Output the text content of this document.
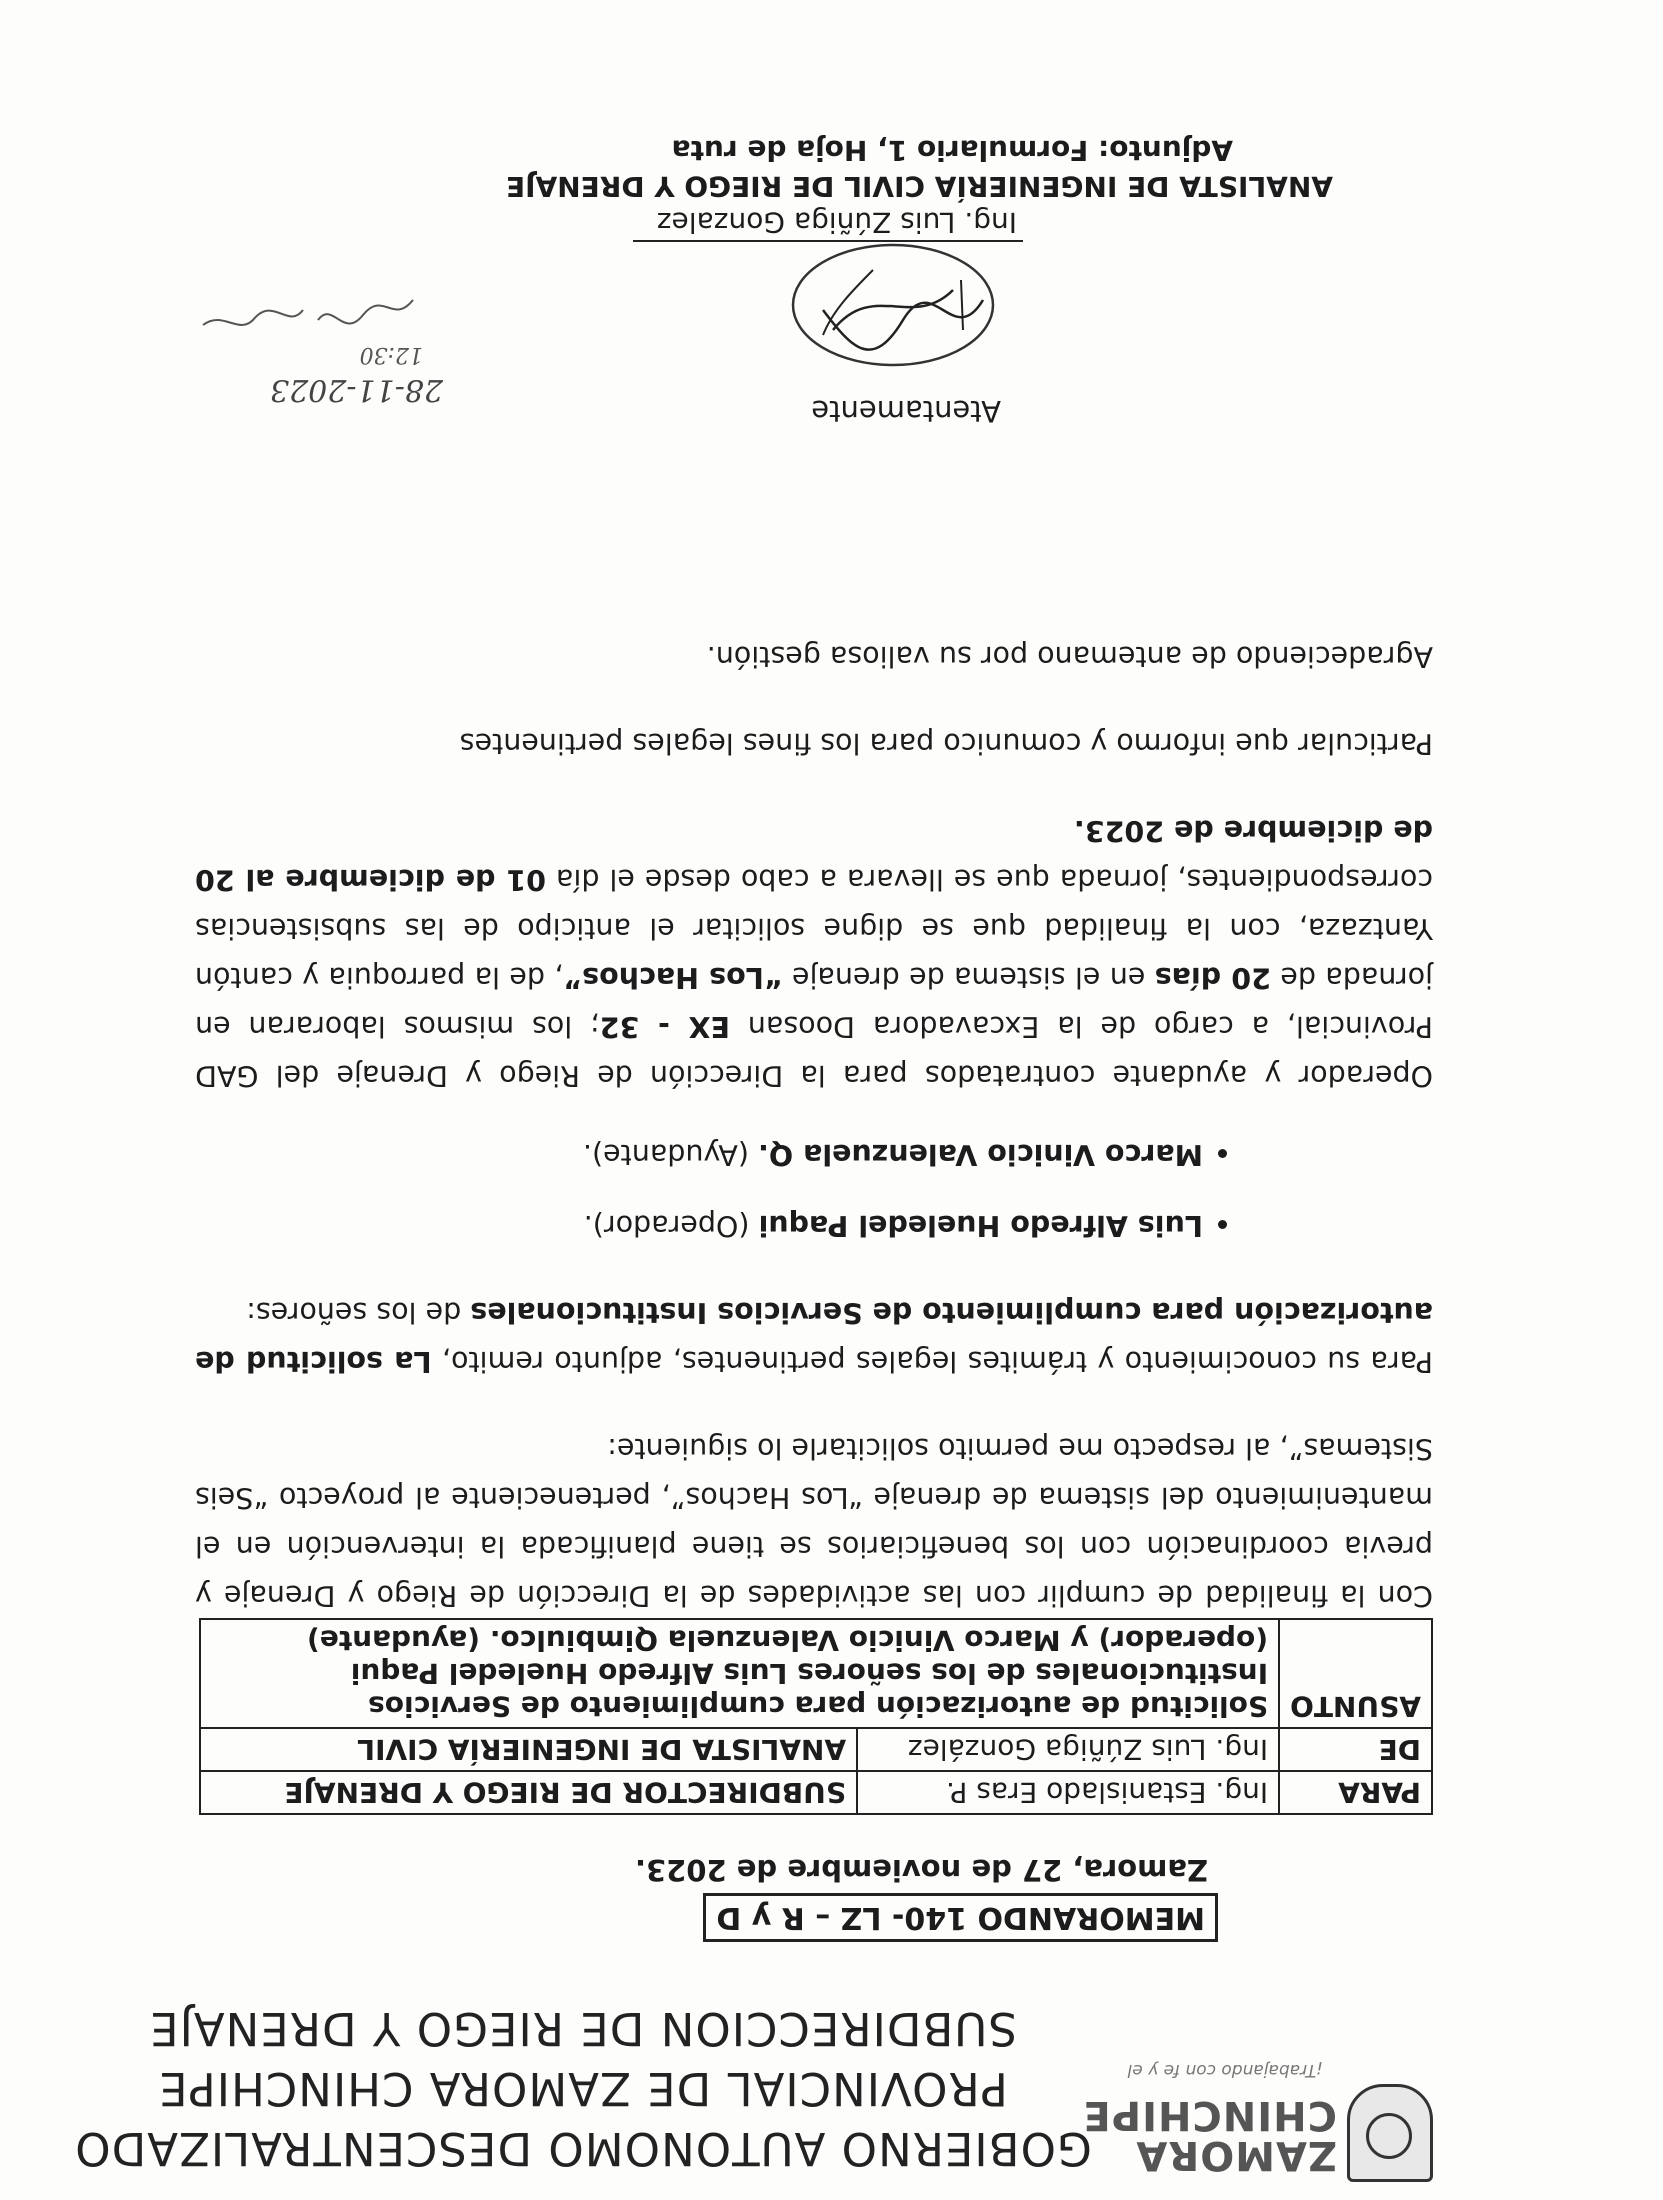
ZAMORA
CHINCHIPE
¡Trabajando con fe y el
GOBIERNO AUTONOMO DESCENTRALIZADO
PROVINCIAL DE ZAMORA CHINCHIPE
SUBDIRECCION DE RIEGO Y DRENAJE
MEMORANDO 140- LZ – R y D
Zamora, 27 de noviembre de 2023.
PARA	Ing. Estanislado Eras P.	SUBDIRECTOR DE RIEGO Y DRENAJE
DE	Ing. Luis Zúñiga González	ANALISTA DE INGENIERÍA CIVIL
ASUNTO	Solicitud de autorización para cumplimiento de Servicios Institucionales de los señores Luis Alfredo Hueledel Paqui (operador) y Marco Vinicio Valenzuela Qimbiulco. (ayudante)	

Con la finalidad de cumplir con las actividades de la Dirección de Riego y Drenaje y previa coordinación con los beneficiarios se tiene planificada la intervención en el mantenimiento del sistema de drenaje “Los Hachos”, perteneciente al proyecto “Seis Sistemas”, al respecto me permito solicitarle lo siguiente:

Para su conocimiento y trámites legales pertinentes, adjunto remito, La solicitud de autorización para cumplimiento de Servicios Institucionales de los señores:

• Luis Alfredo Hueledel Paqui (Operador).
• Marco Vinicio Valenzuela Q. (Ayudante).

Operador y ayudante contratados para la Dirección de Riego y Drenaje del GAD Provincial, a cargo de la Excavadora Doosan EX - 32; los mismos laboraran en jornada de 20 días en el sistema de drenaje “Los Hachos”, de la parroquia y cantón Yantzaza, con la finalidad que se digne solicitar el anticipo de las subsistencias correspondientes, jornada que se llevara a cabo desde el día 01 de diciembre al 20 de diciembre de 2023.

Particular que informo y comunico para los fines legales pertinentes

Agradeciendo de antemano por su valiosa gestión.

Atentamente
Ing. Luis Zúñiga Gonzalez
ANALISTA DE INGENIERÍA CIVIL DE RIEGO Y DRENAJE
Adjunto: Formulario 1, Hoja de ruta
28-11-2023
12:30
